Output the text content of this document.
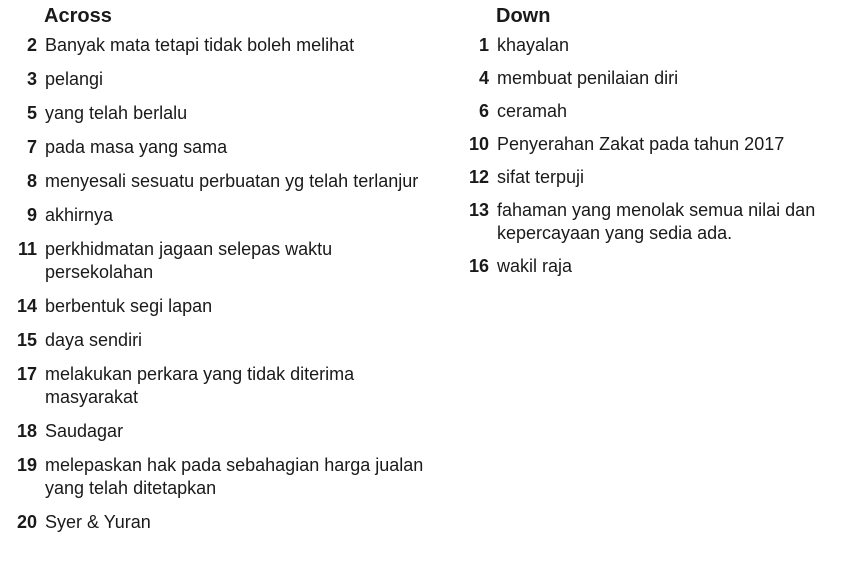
Across
2 Banyak mata tetapi tidak boleh melihat
3 pelangi
5 yang telah berlalu
7 pada masa yang sama
8 menyesali sesuatu perbuatan yg telah terlanjur
9 akhirnya
11 perkhidmatan jagaan selepas waktu persekolahan
14 berbentuk segi lapan
15 daya sendiri
17 melakukan perkara yang tidak diterima masyarakat
18 Saudagar
19 melepaskan hak pada sebahagian harga jualan yang telah ditetapkan
20 Syer & Yuran
Down
1 khayalan
4 membuat penilaian diri
6 ceramah
10 Penyerahan Zakat pada tahun 2017
12 sifat terpuji
13 fahaman yang menolak semua nilai dan kepercayaan yang sedia ada.
16 wakil raja
